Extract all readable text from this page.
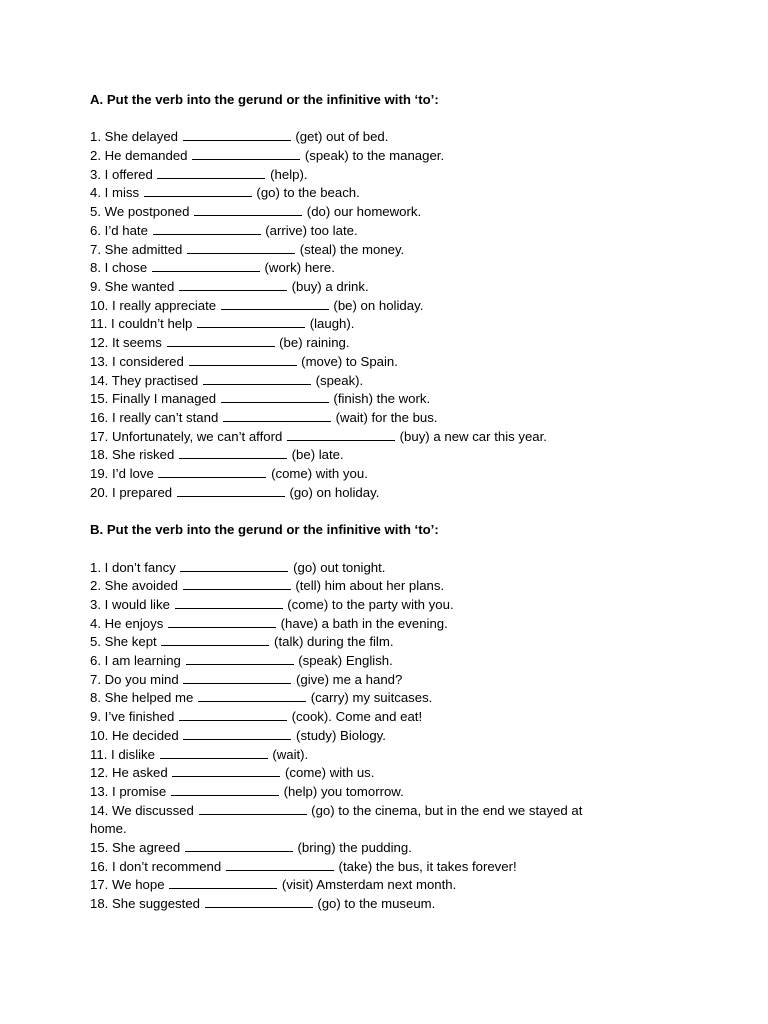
A. Put the verb into the gerund or the infinitive with ‘to’:

1. She delayed	(get) out of bed.
2. He demanded	(speak) to the manager.
3. I offered	(help).
4. I miss	(go) to the beach.
5. We postponed	(do) our homework.
6. I’d hate	(arrive) too late.
7. She admitted	(steal) the money.
8. I chose	(work) here.
9. She wanted	(buy) a drink.
10. I really appreciate	(be) on holiday.
11. I couldn’t help	(laugh).
12. It seems	(be) raining.
13. I considered	(move) to Spain.
14. They practised	(speak).
15. Finally I managed	(finish) the work.
16. I really can’t stand	(wait) for the bus.
17. Unfortunately, we can’t afford	(buy) a new car this year.
18. She risked	(be) late.
19. I’d love	(come) with you.
20. I prepared	(go) on holiday.

B. Put the verb into the gerund or the infinitive with ‘to’:

1. I don’t fancy	(go) out tonight.
2. She avoided	(tell) him about her plans.
3. I would like	(come) to the party with you.
4. He enjoys	(have) a bath in the evening.
5. She kept	(talk) during the film.
6. I am learning	(speak) English.
7. Do you mind	(give) me a hand?
8. She helped me	(carry) my suitcases.
9. I’ve finished	(cook). Come and eat!
10. He decided	(study) Biology.
11. I dislike	(wait).
12. He asked	(come) with us.
13. I promise	(help) you tomorrow.
14. We discussed	(go) to the cinema, but in the end we stayed at home.
15. She agreed	(bring) the pudding.
16. I don’t recommend	(take) the bus, it takes forever!
17. We hope	(visit) Amsterdam next month.
18. She suggested	(go) to the museum.
